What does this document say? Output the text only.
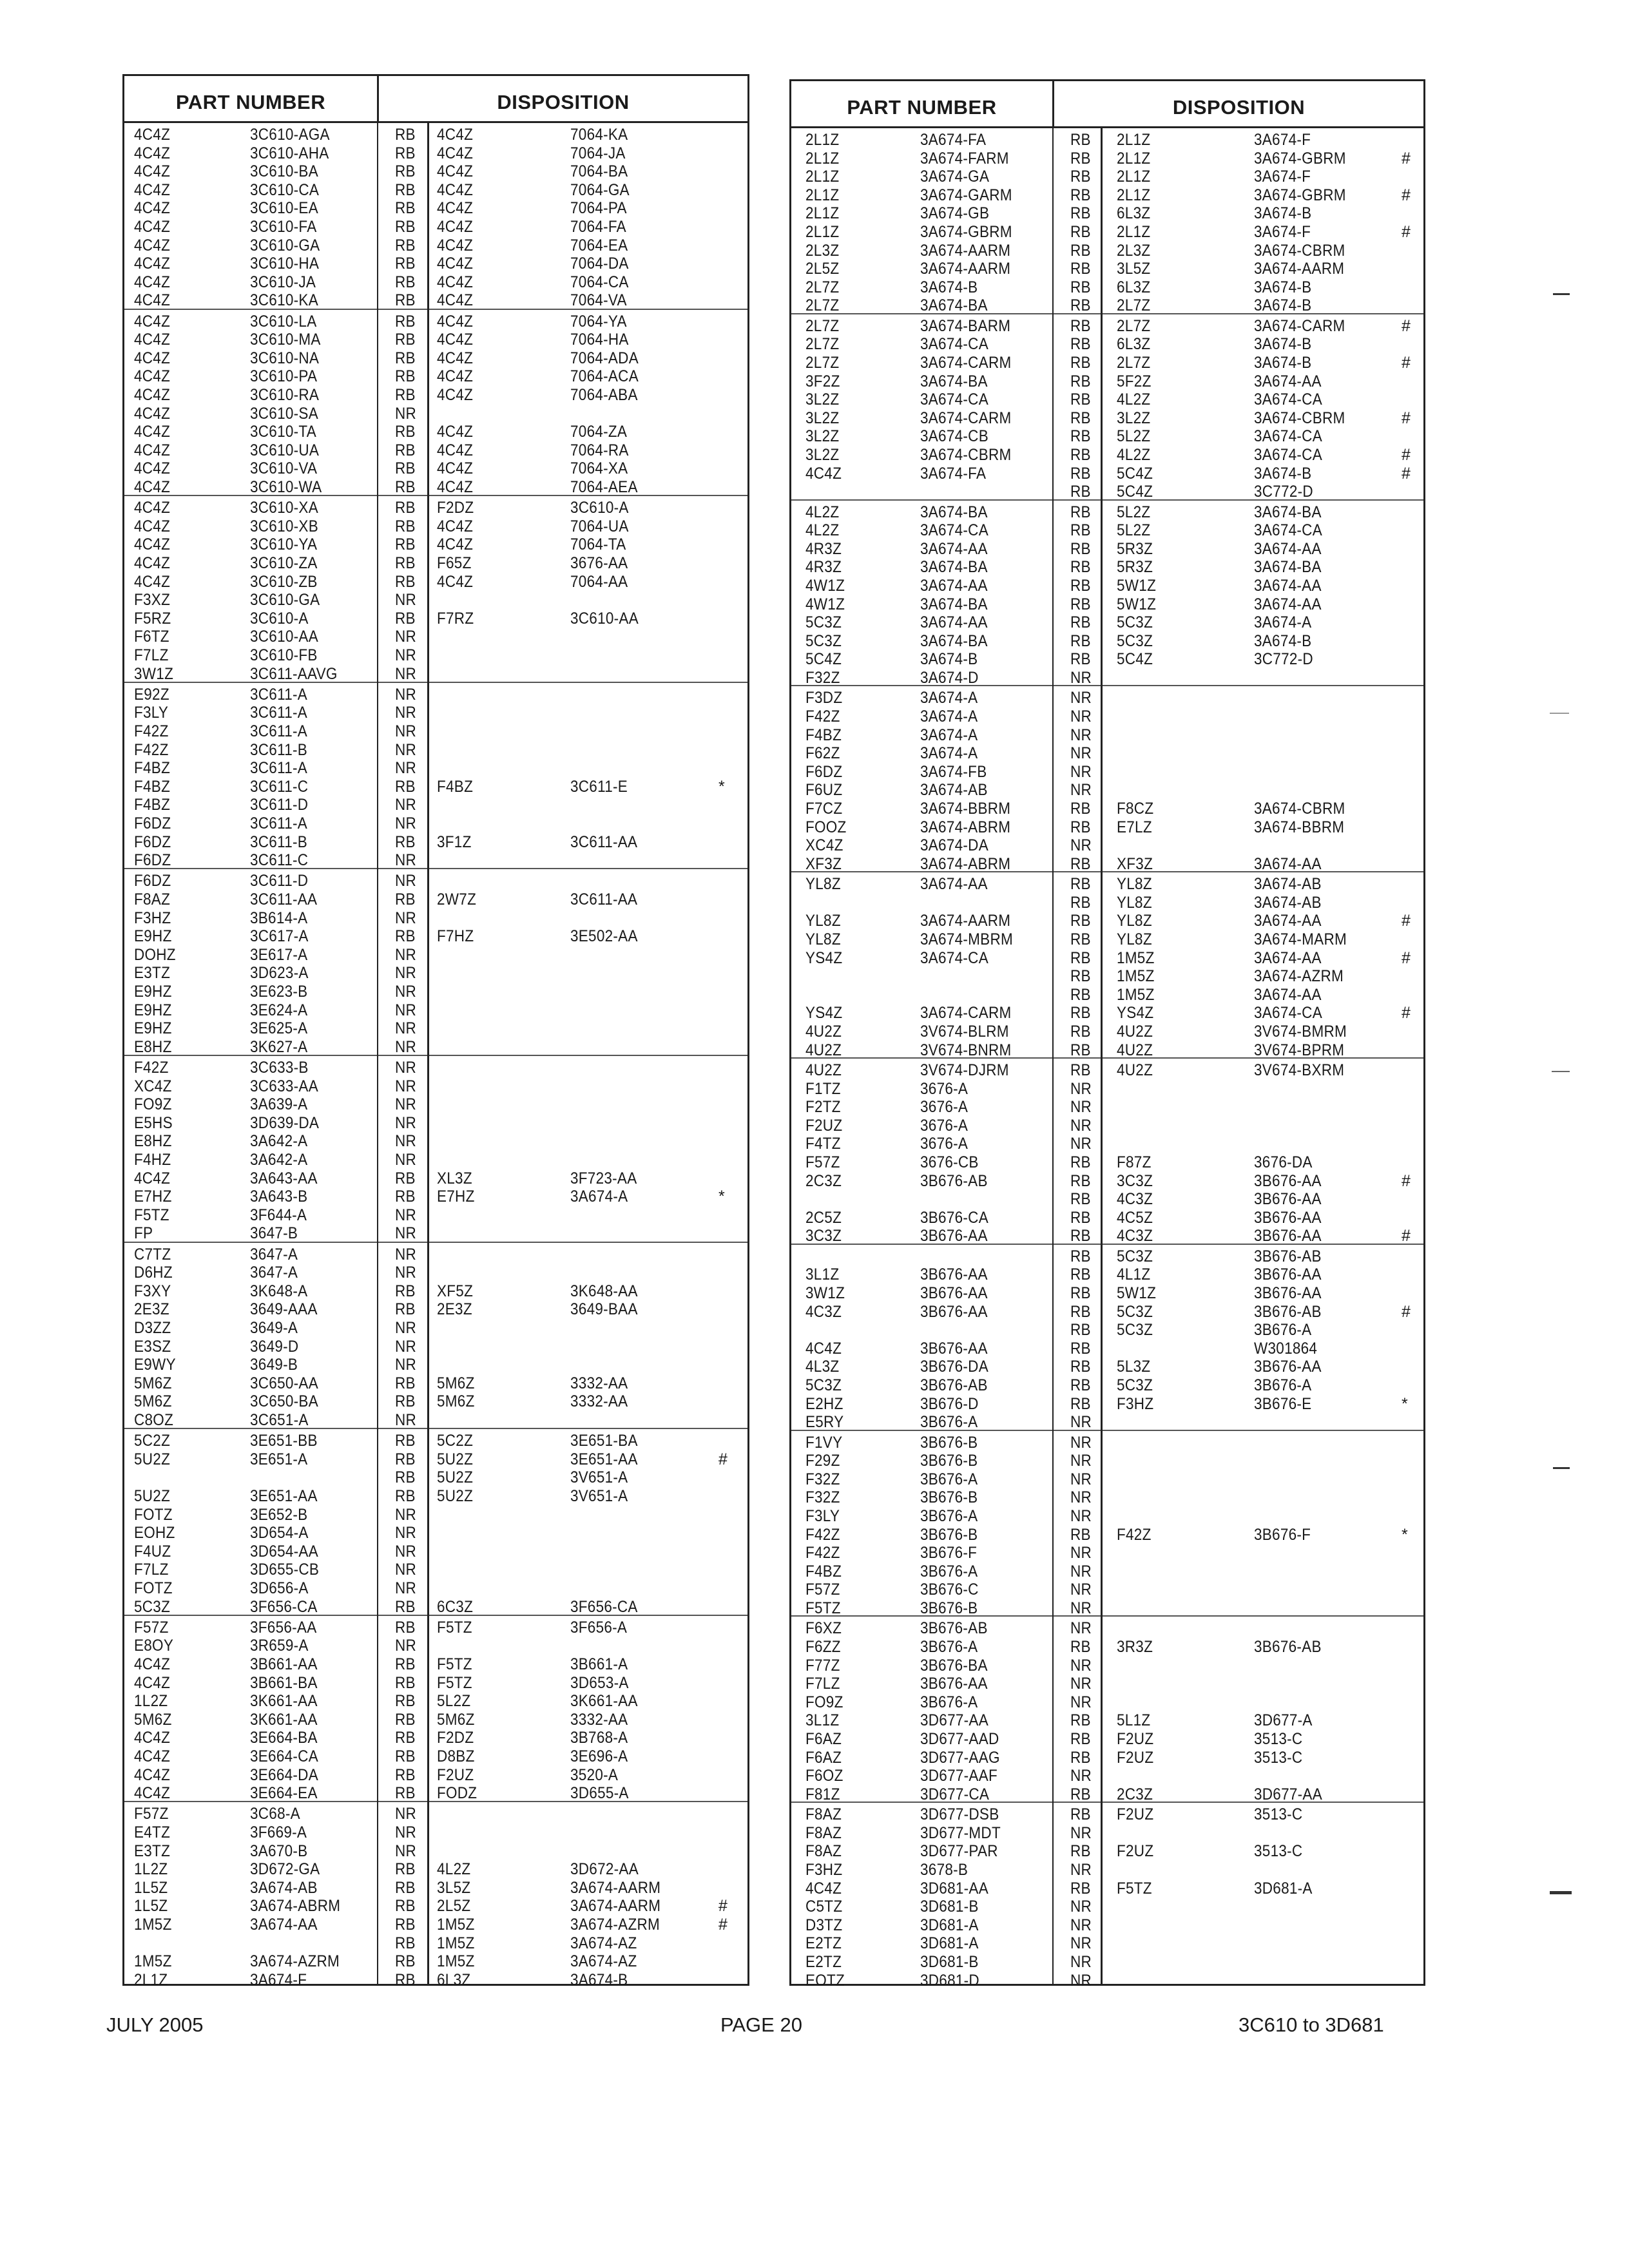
PART NUMBER	DISPOSITION
4C4Z	3C610-AGA	RB 4C4Z	7064-KA
4C4Z	3C610-AHA	RB 4C4Z	7064-JA
4C4Z	3C610-BA	RB 4C4Z	7064-BA
4C4Z	3C610-CA	RB 4C4Z	7064-GA
4C4Z	3C610-EA	RB 4C4Z	7064-PA
4C4Z	3C610-FA	RB 4C4Z	7064-FA
4C4Z	3C610-GA	RB 4C4Z	7064-EA
4C4Z	3C610-HA	RB 4C4Z	7064-DA
4C4Z	3C610-JA	RB 4C4Z	7064-CA
4C4Z	3C610-KA	RB 4C4Z	7064-VA
4C4Z	3C610-LA	RB 4C4Z	7064-YA
4C4Z	3C610-MA	RB 4C4Z	7064-HA
4C4Z	3C610-NA	RB 4C4Z	7064-ADA
4C4Z	3C610-PA	RB 4C4Z	7064-ACA
4C4Z	3C610-RA	RB 4C4Z	7064-ABA
4C4Z	3C610-SA	NR
4C4Z	3C610-TA	RB 4C4Z	7064-ZA
4C4Z	3C610-UA	RB 4C4Z	7064-RA
4C4Z	3C610-VA	RB 4C4Z	7064-XA
4C4Z	3C610-WA	RB 4C4Z	7064-AEA
4C4Z	3C610-XA	RB F2DZ	3C610-A
4C4Z	3C610-XB	RB 4C4Z	7064-UA
4C4Z	3C610-YA	RB 4C4Z	7064-TA
4C4Z	3C610-ZA	RB F65Z	3676-AA
4C4Z	3C610-ZB	RB 4C4Z	7064-AA
F3XZ	3C610-GA	NR
F5RZ	3C610-A	RB F7RZ	3C610-AA
F6TZ	3C610-AA	NR
F7LZ	3C610-FB	NR
3W1Z	3C611-AAVG	NR
E92Z	3C611-A	NR
F3LY	3C611-A	NR
F42Z	3C611-A	NR
F42Z	3C611-B	NR
F4BZ	3C611-A	NR
F4BZ	3C611-C	RB F4BZ	3C611-E	*
F4BZ	3C611-D	NR
F6DZ	3C611-A	NR
F6DZ	3C611-B	RB 3F1Z	3C611-AA
F6DZ	3C611-C	NR
F6DZ	3C611-D	NR
F8AZ	3C611-AA	RB 2W7Z	3C611-AA
F3HZ	3B614-A	NR
E9HZ	3C617-A	RB F7HZ	3E502-AA
DOHZ	3E617-A	NR
E3TZ	3D623-A	NR
E9HZ	3E623-B	NR
E9HZ	3E624-A	NR
E9HZ	3E625-A	NR
E8HZ	3K627-A	NR
F42Z	3C633-B	NR
XC4Z	3C633-AA	NR
FO9Z	3A639-A	NR
E5HS	3D639-DA	NR
E8HZ	3A642-A	NR
F4HZ	3A642-A	NR
4C4Z	3A643-AA	RB XL3Z	3F723-AA
E7HZ	3A643-B	RB E7HZ	3A674-A	*
F5TZ	3F644-A	NR
FP	3647-B	NR
C7TZ	3647-A	NR
D6HZ	3647-A	NR
F3XY	3K648-A	RB XF5Z	3K648-AA
2E3Z	3649-AAA	RB 2E3Z	3649-BAA
D3ZZ	3649-A	NR
E3SZ	3649-D	NR
E9WY	3649-B	NR
5M6Z	3C650-AA	RB 5M6Z	3332-AA
5M6Z	3C650-BA	RB 5M6Z	3332-AA
C8OZ	3C651-A	NR
5C2Z	3E651-BB	RB 5C2Z	3E651-BA
5U2Z	3E651-A	RB 5U2Z	3E651-AA	#
RB 5U2Z	3V651-A
5U2Z	3E651-AA	RB 5U2Z	3V651-A
FOTZ	3E652-B	NR
EOHZ	3D654-A	NR
F4UZ	3D654-AA	NR
F7LZ	3D655-CB	NR
FOTZ	3D656-A	NR
5C3Z	3F656-CA	RB 6C3Z	3F656-CA
F57Z	3F656-AA	RB F5TZ	3F656-A
E8OY	3R659-A	NR
4C4Z	3B661-AA	RB F5TZ	3B661-A
4C4Z	3B661-BA	RB F5TZ	3D653-A
1L2Z	3K661-AA	RB 5L2Z	3K661-AA
5M6Z	3K661-AA	RB 5M6Z	3332-AA
4C4Z	3E664-BA	RB F2DZ	3B768-A
4C4Z	3E664-CA	RB D8BZ	3E696-A
4C4Z	3E664-DA	RB F2UZ	3520-A
4C4Z	3E664-EA	RB FODZ	3D655-A
F57Z	3C68-A	NR
E4TZ	3F669-A	NR
E3TZ	3A670-B	NR
1L2Z	3D672-GA	RB 4L2Z	3D672-AA
1L5Z	3A674-AB	RB 3L5Z	3A674-AARM
1L5Z	3A674-ABRM	RB 2L5Z	3A674-AARM	#
1M5Z	3A674-AA	RB 1M5Z	3A674-AZRM	#
RB 1M5Z	3A674-AZ
1M5Z	3A674-AZRM	RB 1M5Z	3A674-AZ
2L1Z	3A674-F	RB 6L3Z	3A674-B
PART NUMBER	DISPOSITION
2L1Z	3A674-FA	RB 2L1Z	3A674-F
2L1Z	3A674-FARM	RB 2L1Z	3A674-GBRM	#
2L1Z	3A674-GA	RB 2L1Z	3A674-F
2L1Z	3A674-GARM	RB 2L1Z	3A674-GBRM	#
2L1Z	3A674-GB	RB 6L3Z	3A674-B
2L1Z	3A674-GBRM	RB 2L1Z	3A674-F	#
2L3Z	3A674-AARM	RB 2L3Z	3A674-CBRM
2L5Z	3A674-AARM	RB 3L5Z	3A674-AARM
2L7Z	3A674-B	RB 6L3Z	3A674-B
2L7Z	3A674-BA	RB 2L7Z	3A674-B
2L7Z	3A674-BARM	RB 2L7Z	3A674-CARM	#
2L7Z	3A674-CA	RB 6L3Z	3A674-B
2L7Z	3A674-CARM	RB 2L7Z	3A674-B	#
3F2Z	3A674-BA	RB 5F2Z	3A674-AA
3L2Z	3A674-CA	RB 4L2Z	3A674-CA
3L2Z	3A674-CARM	RB 3L2Z	3A674-CBRM	#
3L2Z	3A674-CB	RB 5L2Z	3A674-CA
3L2Z	3A674-CBRM	RB 4L2Z	3A674-CA	#
4C4Z	3A674-FA	RB 5C4Z	3A674-B	#
RB 5C4Z	3C772-D
4L2Z	3A674-BA	RB 5L2Z	3A674-BA
4L2Z	3A674-CA	RB 5L2Z	3A674-CA
4R3Z	3A674-AA	RB 5R3Z	3A674-AA
4R3Z	3A674-BA	RB 5R3Z	3A674-BA
4W1Z	3A674-AA	RB 5W1Z	3A674-AA
4W1Z	3A674-BA	RB 5W1Z	3A674-AA
5C3Z	3A674-AA	RB 5C3Z	3A674-A
5C3Z	3A674-BA	RB 5C3Z	3A674-B
5C4Z	3A674-B	RB 5C4Z	3C772-D
F32Z	3A674-D	NR
F3DZ	3A674-A	NR
F42Z	3A674-A	NR
F4BZ	3A674-A	NR
F62Z	3A674-A	NR
F6DZ	3A674-FB	NR
F6UZ	3A674-AB	NR
F7CZ	3A674-BBRM	RB F8CZ	3A674-CBRM
FOOZ	3A674-ABRM	RB E7LZ	3A674-BBRM
XC4Z	3A674-DA	NR
XF3Z	3A674-ABRM	RB XF3Z	3A674-AA
YL8Z	3A674-AA	RB YL8Z	3A674-AB
RB YL8Z	3A674-AB
YL8Z	3A674-AARM	RB YL8Z	3A674-AA	#
YL8Z	3A674-MBRM	RB YL8Z	3A674-MARM
YS4Z	3A674-CA	RB 1M5Z	3A674-AA	#
RB 1M5Z	3A674-AZRM
RB 1M5Z	3A674-AA
YS4Z	3A674-CARM	RB YS4Z	3A674-CA	#
4U2Z	3V674-BLRM	RB 4U2Z	3V674-BMRM
4U2Z	3V674-BNRM	RB 4U2Z	3V674-BPRM
4U2Z	3V674-DJRM	RB 4U2Z	3V674-BXRM
F1TZ	3676-A	NR
F2TZ	3676-A	NR
F2UZ	3676-A	NR
F4TZ	3676-A	NR
F57Z	3676-CB	RB F87Z	3676-DA
2C3Z	3B676-AB	RB 3C3Z	3B676-AA	#
RB 4C3Z	3B676-AA
2C5Z	3B676-CA	RB 4C5Z	3B676-AA
3C3Z	3B676-AA	RB 4C3Z	3B676-AA	#
RB 5C3Z	3B676-AB
3L1Z	3B676-AA	RB 4L1Z	3B676-AA
3W1Z	3B676-AA	RB 5W1Z	3B676-AA
4C3Z	3B676-AA	RB 5C3Z	3B676-AB	#
RB 5C3Z	3B676-A
4C4Z	3B676-AA	RB	W301864
4L3Z	3B676-DA	RB 5L3Z	3B676-AA
5C3Z	3B676-AB	RB 5C3Z	3B676-A
E2HZ	3B676-D	RB F3HZ	3B676-E	*
E5RY	3B676-A	NR
F1VY	3B676-B	NR
F29Z	3B676-B	NR
F32Z	3B676-A	NR
F32Z	3B676-B	NR
F3LY	3B676-A	NR
F42Z	3B676-B	RB F42Z	3B676-F	*
F42Z	3B676-F	NR
F4BZ	3B676-A	NR
F57Z	3B676-C	NR
F5TZ	3B676-B	NR
F6XZ	3B676-AB	NR
F6ZZ	3B676-A	RB 3R3Z	3B676-AB
F77Z	3B676-BA	NR
F7LZ	3B676-AA	NR
FO9Z	3B676-A	NR
3L1Z	3D677-AA	RB 5L1Z	3D677-A
F6AZ	3D677-AAD	RB F2UZ	3513-C
F6AZ	3D677-AAG	RB F2UZ	3513-C
F6OZ	3D677-AAF	NR
F81Z	3D677-CA	RB 2C3Z	3D677-AA
F8AZ	3D677-DSB	RB F2UZ	3513-C
F8AZ	3D677-MDT	NR
F8AZ	3D677-PAR	RB F2UZ	3513-C
F3HZ	3678-B	NR
4C4Z	3D681-AA	RB F5TZ	3D681-A
C5TZ	3D681-B	NR
D3TZ	3D681-A	NR
E2TZ	3D681-A	NR
E2TZ	3D681-B	NR
EOTZ	3D681-D	NR
JULY 2005	PAGE 20	3C610 to 3D681
